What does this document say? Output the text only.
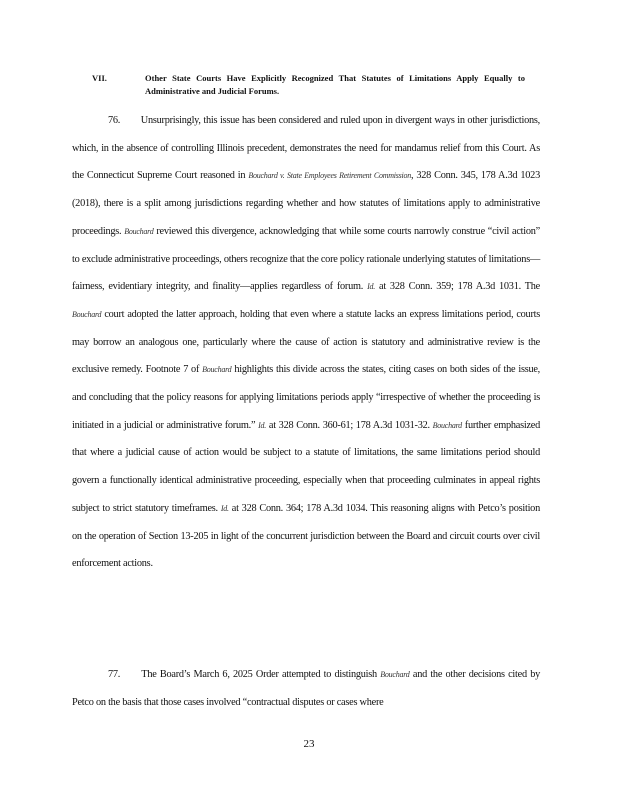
VII.	Other State Courts Have Explicitly Recognized That Statutes of Limitations Apply Equally to Administrative and Judicial Forums.
76. Unsurprisingly, this issue has been considered and ruled upon in divergent ways in other jurisdictions, which, in the absence of controlling Illinois precedent, demonstrates the need for mandamus relief from this Court. As the Connecticut Supreme Court reasoned in Bouchard v. State Employees Retirement Commission, 328 Conn. 345, 178 A.3d 1023 (2018), there is a split among jurisdictions regarding whether and how statutes of limitations apply to administrative proceedings. Bouchard reviewed this divergence, acknowledging that while some courts narrowly construe “civil action” to exclude administrative proceedings, others recognize that the core policy rationale underlying statutes of limitations—fairness, evidentiary integrity, and finality—applies regardless of forum. Id. at 328 Conn. 359; 178 A.3d 1031. The Bouchard court adopted the latter approach, holding that even where a statute lacks an express limitations period, courts may borrow an analogous one, particularly where the cause of action is statutory and administrative review is the exclusive remedy. Footnote 7 of Bouchard highlights this divide across the states, citing cases on both sides of the issue, and concluding that the policy reasons for applying limitations periods apply “irrespective of whether the proceeding is initiated in a judicial or administrative forum.” Id. at 328 Conn. 360-61; 178 A.3d 1031-32. Bouchard further emphasized that where a judicial cause of action would be subject to a statute of limitations, the same limitations period should govern a functionally identical administrative proceeding, especially when that proceeding culminates in appeal rights subject to strict statutory timeframes. Id. at 328 Conn. 364; 178 A.3d 1034. This reasoning aligns with Petco’s position on the operation of Section 13-205 in light of the concurrent jurisdiction between the Board and circuit courts over civil enforcement actions.
77. The Board’s March 6, 2025 Order attempted to distinguish Bouchard and the other decisions cited by Petco on the basis that those cases involved “contractual disputes or cases where
23
